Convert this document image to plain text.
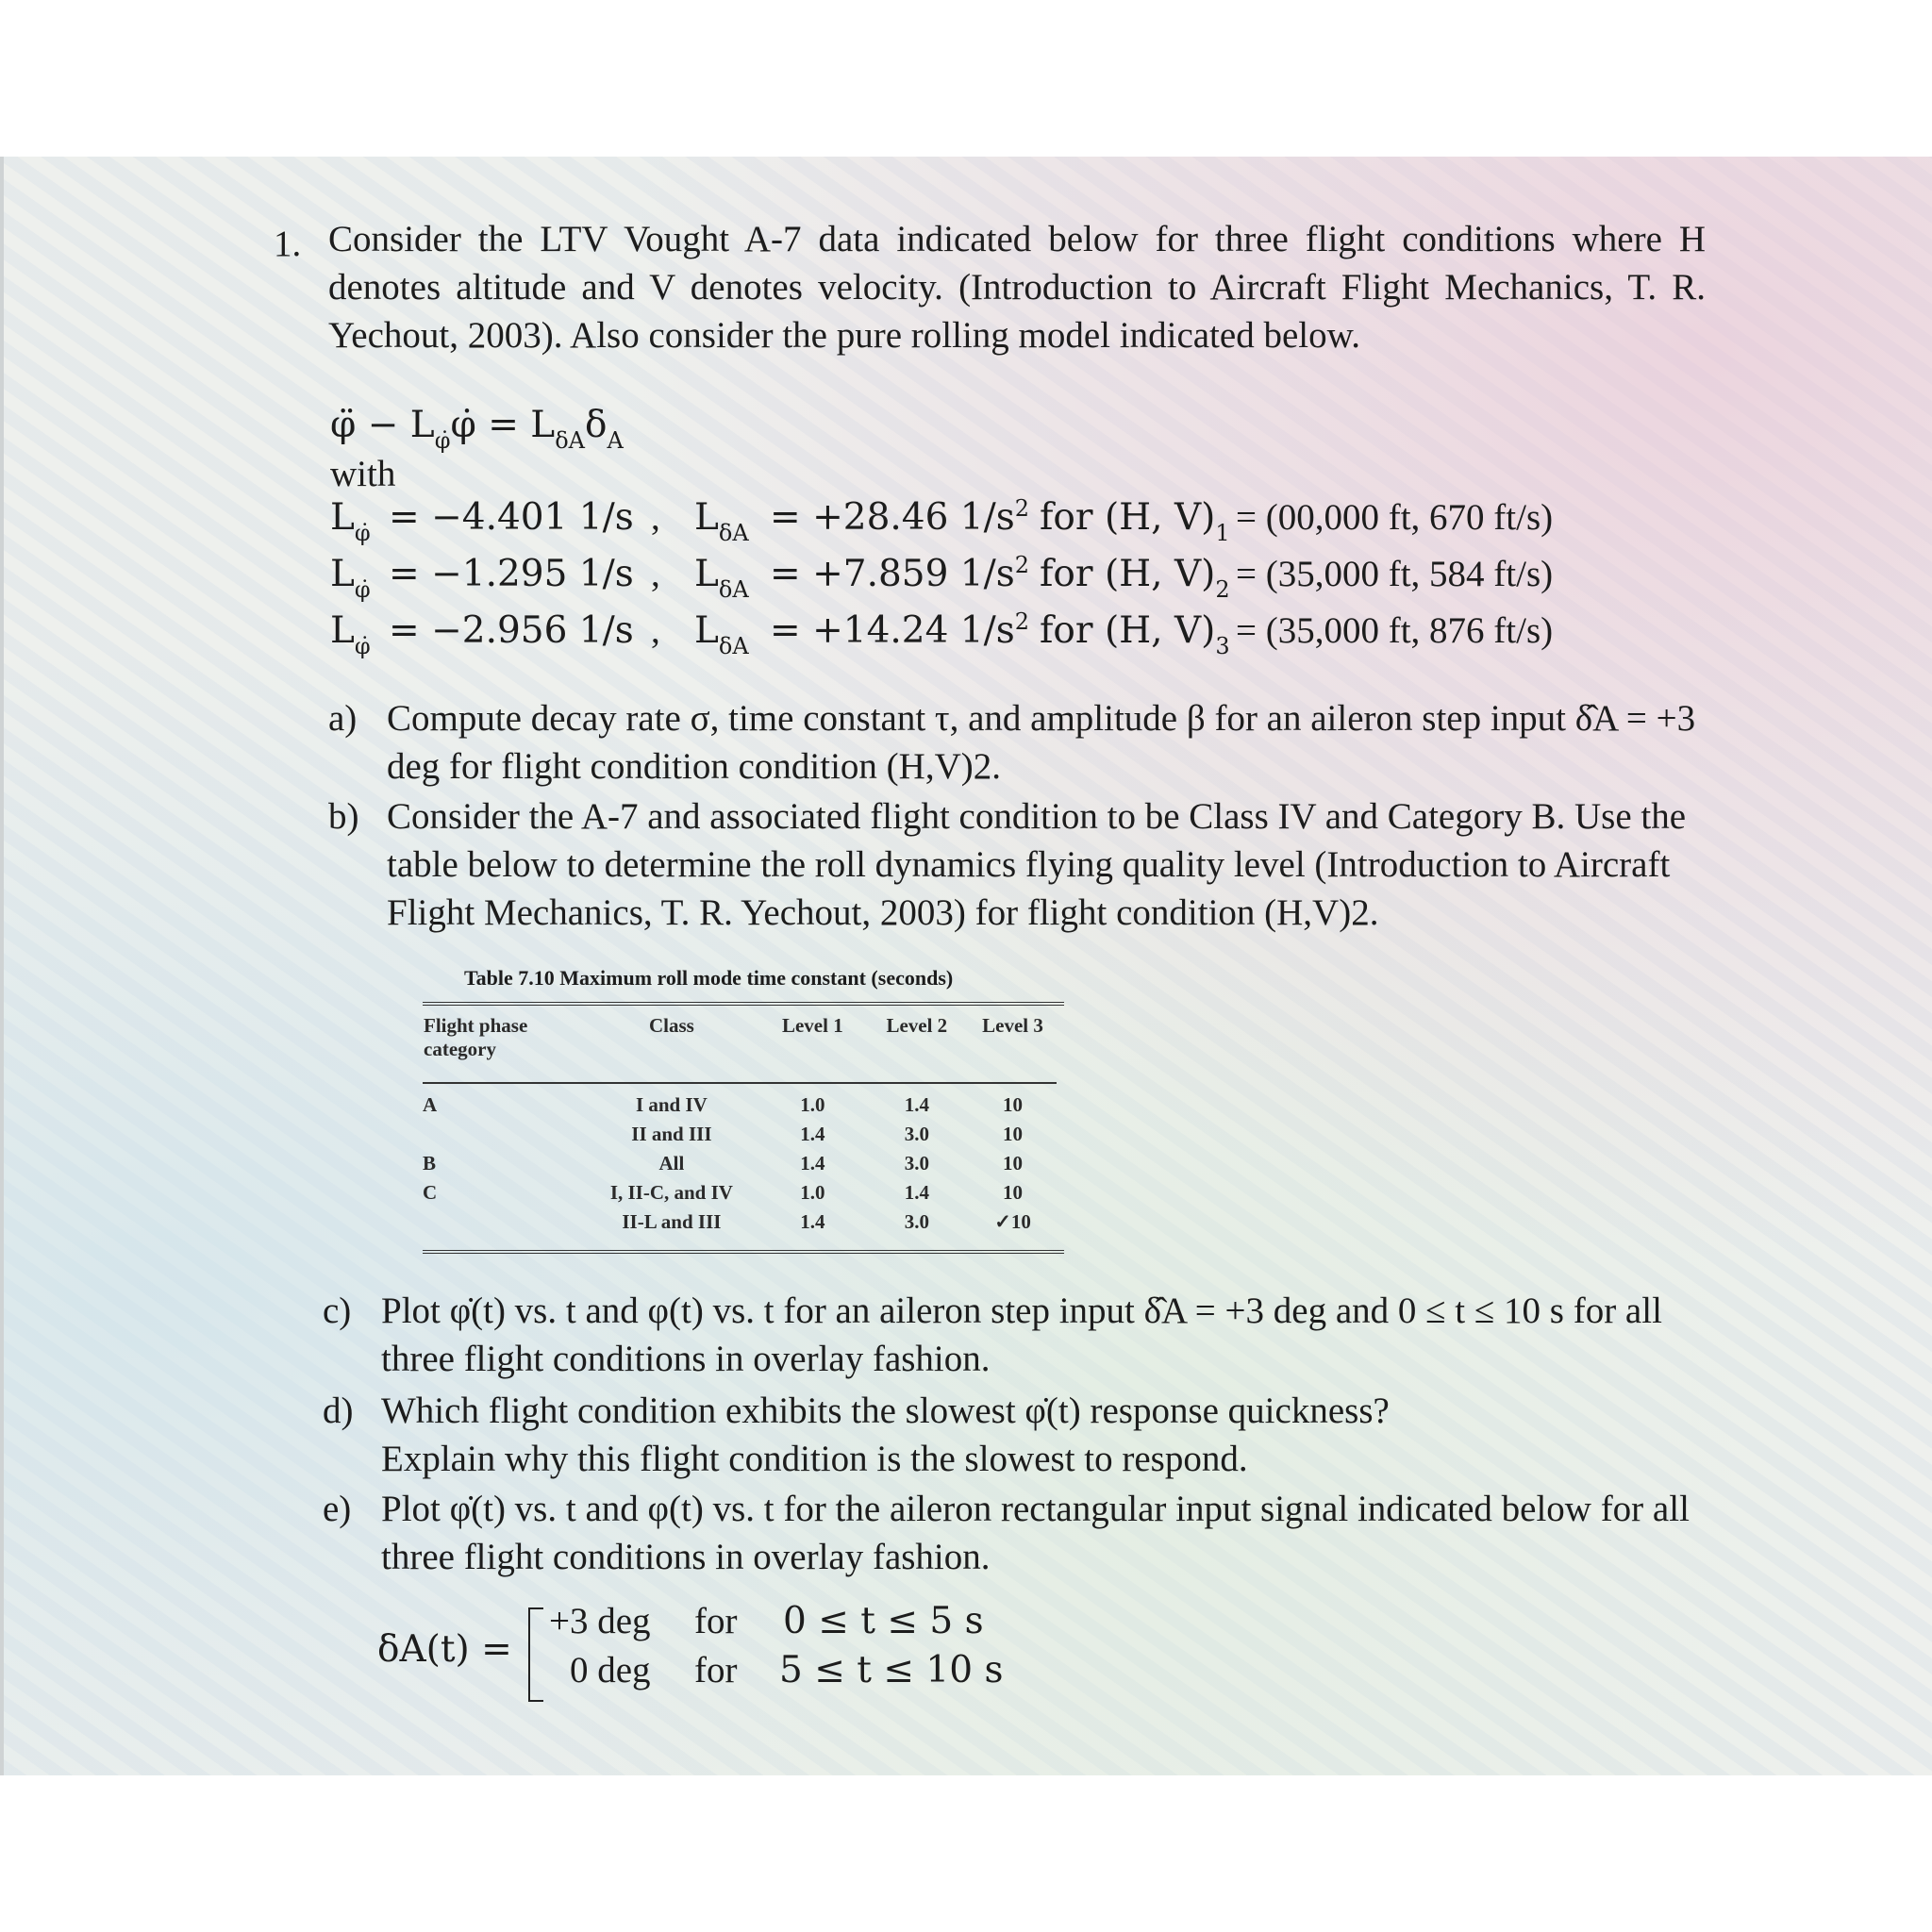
1. Consider the LTV Vought A-7 data indicated below for three flight conditions where H denotes altitude and V denotes velocity. (Introduction to Aircraft Flight Mechanics, T. R. Yechout, 2003). Also consider the pure rolling model indicated below.
φ̈ − $L_{\varphi̇}\varphi̇ = L_{\delta A}\delta_A$
with
$L_{\varphi̇} = -4.401$ 1/s , $L_{\delta A} = +28.46$ $1/s^2$ for (H, $V)_1 = (00,000$ ft, 670 ft/s)
$L_{\varphi̇} = -1.295$ 1/s , $L_{\delta A} = +7.859$ $1/s^2$ for (H, $V)_2 = (35,000$ ft, 584 ft/s)
$L_{\varphi̇} = -2.956$ 1/s , $L_{\delta A} = +14.24$ $1/s^2$ for (H, $V)_3 = (35,000$ ft, 876 ft/s)
a) Compute decay rate σ, time constant τ, and amplitude β for an aileron step input δ̂A = +3 deg for flight condition condition (H,V)2.
b) Consider the A-7 and associated flight condition to be Class IV and Category B. Use the table below to determine the roll dynamics flying quality level (Introduction to Aircraft Flight Mechanics, T. R. Yechout, 2003) for flight condition (H,V)2.
Table 7.10 Maximum roll mode time constant (seconds)
Flight phase category	Class	Level 1	Level 2	Level 3
A	I and IV	1.0	1.4	10
	II and III	1.4	3.0	10
B	All	1.4	3.0	10
C	I, II-C, and IV	1.0	1.4	10
	II-L and III	1.4	3.0	✓10
c) Plot φ̇(t) vs. t and φ(t) vs. t for an aileron step input δ̂A = +3 deg and 0 ≤ t ≤ 10 s for all three flight conditions in overlay fashion.
d) Which flight condition exhibits the slowest φ̇(t) response quickness? Explain why this flight condition is the slowest to respond.
e) Plot φ̇(t) vs. t and φ(t) vs. t for the aileron rectangular input signal indicated below for all three flight conditions in overlay fashion.
δA(t) =
+3 deg for 0 ≤ t ≤ 5 s
0 deg for 5 ≤ t ≤ 10 s
